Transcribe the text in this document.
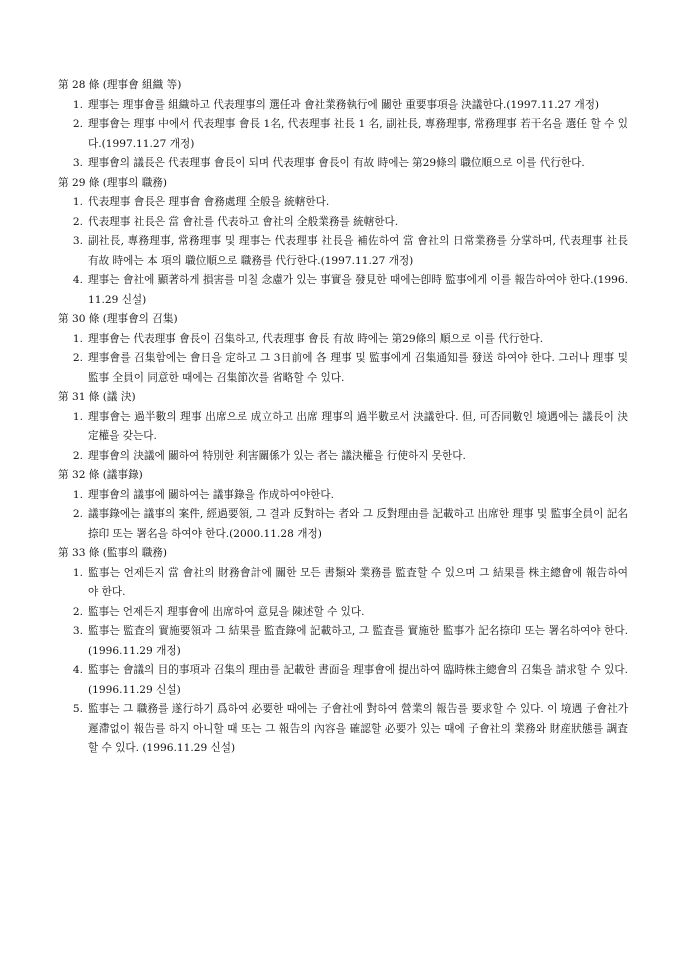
第 28 條 (理事會 組織 等)
1. 理事는 理事會를 組織하고 代表理事의 選任과 會社業務執行에 關한 重要事項을 決議한다.(1997.11.27 개정)
2. 理事會는 理事 中에서 代表理事 會長 1名, 代表理事 社長 1 名, 副社長, 專務理事, 常務理事 若干名을 選任 할 수 있다.(1997.11.27 개정)
3. 理事會의 議長은 代表理事 會長이 되며 代表理事 會長이 有故 時에는 第29條의 職位順으로 이를 代行한다.
第 29 條 (理事의 職務)
1. 代表理事 會長은 理事會 會務處理 全般을 統轄한다.
2. 代表理事 社長은 當 會社를 代表하고 會社의 全般業務를 統轄한다.
3. 副社長, 專務理事, 常務理事 및 理事는 代表理事 社長을 補佐하여 當 會社의 日常業務를 分掌하며, 代表理事 社長 有故 時에는 本 項의 職位順으로 職務를 代行한다.(1997.11.27 개정)
4. 理事는 會社에 顯著하게 損害를 미칠 念慮가 있는 事實을 發見한 때에는卽時 監事에게 이를 報告하여야 한다.(1996.11.29 신설)
第 30 條 (理事會의 召集)
1. 理事會는 代表理事 會長이 召集하고, 代表理事 會長 有故 時에는 第29條의 順으로 이를 代行한다.
2. 理事會를 召集함에는 會日을 定하고 그 3日前에 各 理事 및 監事에게 召集通知를 發送 하여야 한다. 그러나 理事 및 監事 全員이 同意한 때에는 召集節次를 省略할 수 있다.
第 31 條 (議 決)
1. 理事會는 過半數의 理事 出席으로 成立하고 出席 理事의 過半數로서 決議한다. 但, 可否同數인 境遇에는 議長이 決定權을 갖는다.
2. 理事會의 決議에 關하여 特別한 利害關係가 있는 者는 議決權을 行使하지 못한다.
第 32 條 (議事錄)
1. 理事會의 議事에 關하여는 議事錄을 作成하여야한다.
2. 議事錄에는 議事의 案件, 經過要領, 그 결과 反對하는 者와 그 反對理由를 記載하고 出席한 理事 및 監事全員이 記名捺印 또는 署名을 하여야 한다.(2000.11.28 개정)
第 33 條 (監事의 職務)
1. 監事는 언제든지 當 會社의 財務會計에 關한 모든 書類와 業務를 監査할 수 있으며 그 結果를 株主總會에 報告하여야 한다.
2. 監事는 언제든지 理事會에 出席하여 意見을 陳述할 수 있다.
3. 監事는 監査의 實施要領과 그 結果를 監査錄에 記載하고, 그 監査를 實施한 監事가 記名捺印 또는 署名하여야 한다.(1996.11.29 개정)
4. 監事는 會議의 目的事項과 召集의 理由를 記載한 書面을 理事會에 提出하여 臨時株主總會의 召集을 請求할 수 있다.(1996.11.29 신설)
5. 監事는 그 職務를 遂行하기 爲하여 必要한 때에는 子會社에 對하여 營業의 報告를 要求할 수 있다. 이 境遇 子會社가 遲滯없이 報告를 하지 아니할 때 또는 그 報告의 內容을 確認할 必要가 있는 때에 子會社의 業務와 財産狀態를 調査할 수 있다. (1996.11.29 신설)
